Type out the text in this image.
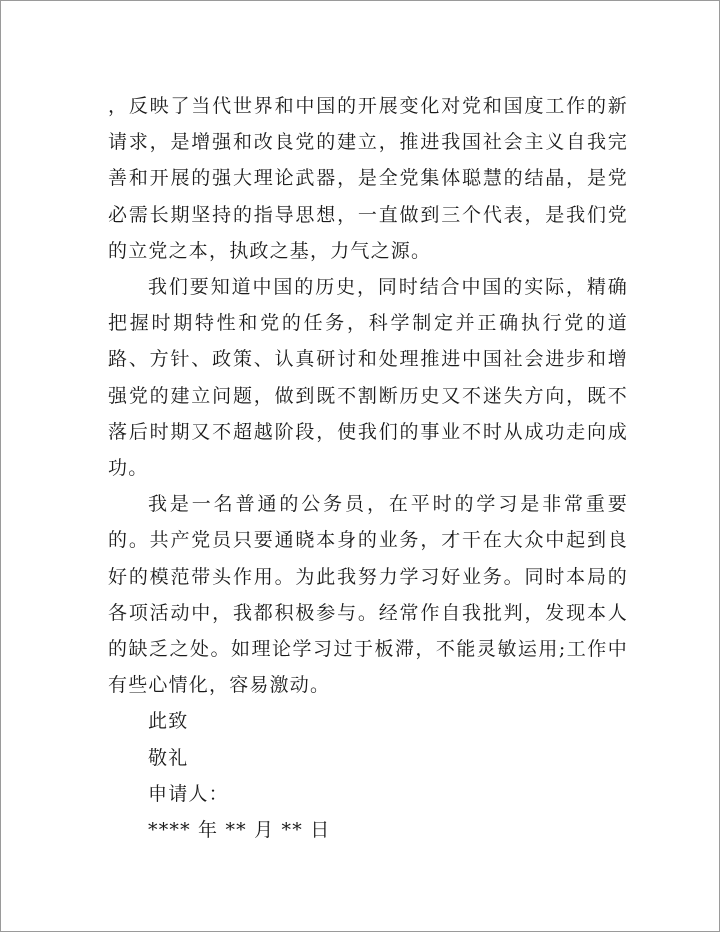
，反映了当代世界和中国的开展变化对党和国度工作的新请求，是增强和改良党的建立，推进我国社会主义自我完善和开展的强大理论武器，是全党集体聪慧的结晶，是党必需长期坚持的指导思想，一直做到三个代表，是我们党的立党之本，执政之基，力气之源。

我们要知道中国的历史，同时结合中国的实际，精确把握时期特性和党的任务，科学制定并正确执行党的道路、方针、政策、认真研讨和处理推进中国社会进步和增强党的建立问题，做到既不割断历史又不迷失方向，既不落后时期又不超越阶段，使我们的事业不时从成功走向成功。

我是一名普通的公务员，在平时的学习是非常重要的。共产党员只要通晓本身的业务，才干在大众中起到良好的模范带头作用。为此我努力学习好业务。同时本局的各项活动中，我都积极参与。经常作自我批判，发现本人的缺乏之处。如理论学习过于板滞，不能灵敏运用;工作中有些心情化，容易激动。

此致

敬礼

申请人：

**** 年 ** 月 ** 日
